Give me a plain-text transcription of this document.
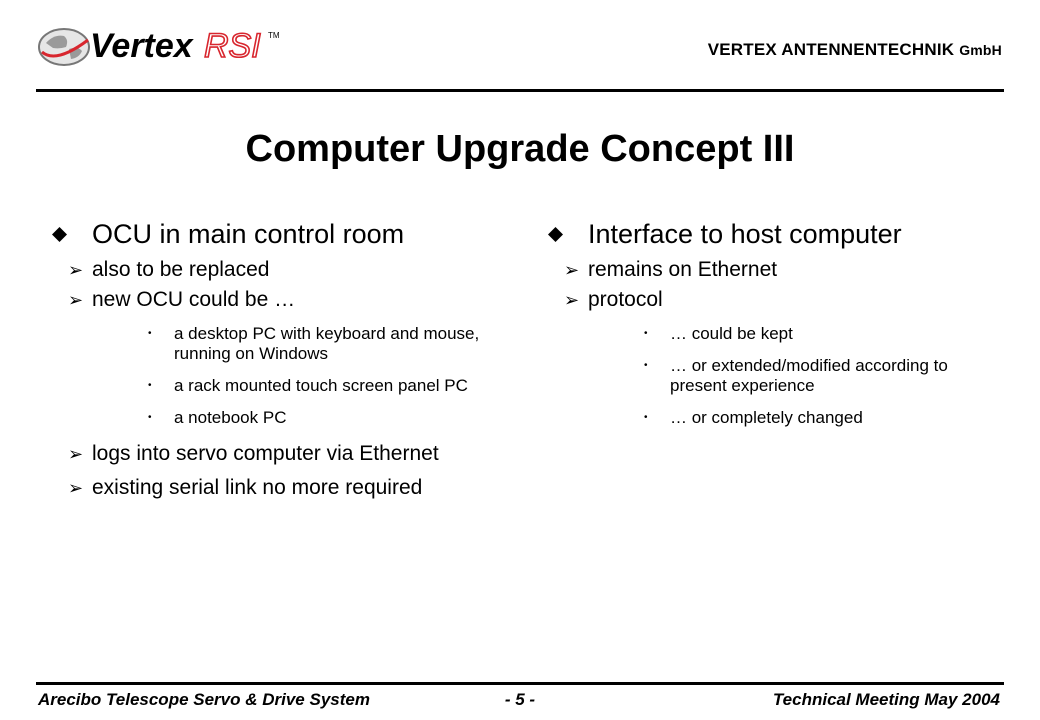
Vertex RSI TM
VERTEX ANTENNENTECHNIK GmbH
Computer Upgrade Concept III
OCU in main control room
➢ also to be replaced
➢ new OCU could be …
• a desktop PC with keyboard and mouse, running on Windows
• a rack mounted touch screen panel PC
• a notebook PC
➢ logs into servo computer via Ethernet
➢ existing serial link no more required
Interface to host computer
➢ remains on Ethernet
➢ protocol
• … could be kept
• … or extended/modified according to present experience
• … or completely changed
Arecibo Telescope Servo & Drive System	- 5 -	Technical Meeting May 2004
